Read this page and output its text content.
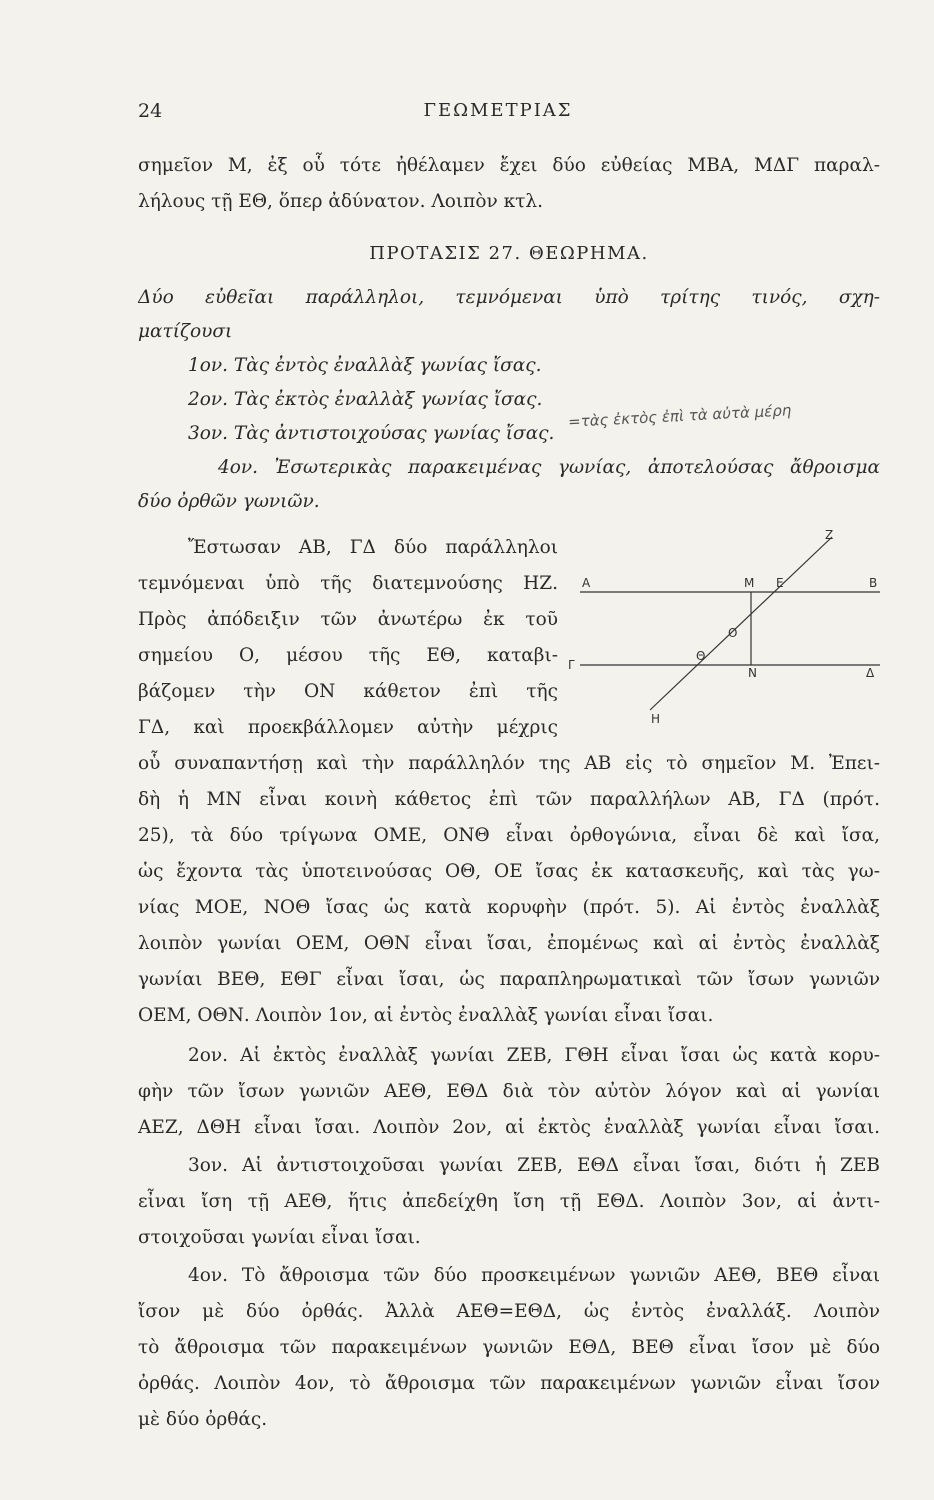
24	ΓΕΩΜΕΤΡΙΑΣ
σημεῖον Μ, ἐξ οὗ τότε ἠθέλαμεν ἔχει δύο εὐθείας ΜΒΑ, ΜΔΓ παραλ-
λήλους τῇ ΕΘ, ὅπερ ἀδύνατον. Λοιπὸν κτλ.
ΠΡΟΤΑΣΙΣ 27. ΘΕΩΡΗΜΑ.
Δύο εὐθεῖαι παράλληλοι, τεμνόμεναι ὑπὸ τρίτης τινός, σχη-
ματίζουσι
1ον. Τὰς ἐντὸς ἐναλλὰξ γωνίας ἴσας.
2ον. Τὰς ἐκτὸς ἐναλλὰξ γωνίας ἴσας.
3ον. Τὰς ἀντιστοιχούσας γωνίας ἴσας.
=τὰς ἐκτὸς ἐπὶ τὰ αὐτὰ μέρη
4ον. Ἐσωτερικὰς παρακειμένας γωνίας, ἀποτελούσας ἄθροισμα
δύο ὀρθῶν γωνιῶν.
Ἔστωσαν ΑΒ, ΓΔ δύο παράλληλοι
τεμνόμεναι ὑπὸ τῆς διατεμνούσης ΗΖ.
Πρὸς ἀπόδειξιν τῶν ἀνωτέρω ἐκ τοῦ
σημείου Ο, μέσου τῆς ΕΘ, καταβι-
βάζομεν τὴν ΟΝ κάθετον ἐπὶ τῆς
ΓΔ, καὶ προεκβάλλομεν αὐτὴν μέχρις
A	M E	B
Z
O
Γ
Θ
N	Δ
H
οὗ συναπαντήσῃ καὶ τὴν παράλληλόν της ΑΒ εἰς τὸ σημεῖον Μ. Ἐπει-
δὴ ἡ ΜΝ εἶναι κοινὴ κάθετος ἐπὶ τῶν παραλλήλων ΑΒ, ΓΔ (πρότ.
25), τὰ δύο τρίγωνα ΟΜΕ, ΟΝΘ εἶναι ὀρθογώνια, εἶναι δὲ καὶ ἴσα,
ὡς ἔχοντα τὰς ὑποτεινούσας ΟΘ, ΟΕ ἴσας ἐκ κατασκευῆς, καὶ τὰς γω-
νίας ΜΟΕ, ΝΟΘ ἴσας ὡς κατὰ κορυφὴν (πρότ. 5). Αἱ ἐντὸς ἐναλλὰξ
λοιπὸν γωνίαι ΟΕΜ, ΟΘΝ εἶναι ἴσαι, ἐπομένως καὶ αἱ ἐντὸς ἐναλλὰξ
γωνίαι ΒΕΘ, ΕΘΓ εἶναι ἴσαι, ὡς παραπληρωματικαὶ τῶν ἴσων γωνιῶν
ΟΕΜ, ΟΘΝ. Λοιπὸν 1ον, αἱ ἐντὸς ἐναλλὰξ γωνίαι εἶναι ἴσαι.
2ον. Αἱ ἐκτὸς ἐναλλὰξ γωνίαι ΖΕΒ, ΓΘΗ εἶναι ἴσαι ὡς κατὰ κορυ-
φὴν τῶν ἴσων γωνιῶν ΑΕΘ, ΕΘΔ διὰ τὸν αὐτὸν λόγον καὶ αἱ γωνίαι
ΑΕΖ, ΔΘΗ εἶναι ἴσαι. Λοιπὸν 2ον, αἱ ἐκτὸς ἐναλλὰξ γωνίαι εἶναι ἴσαι.
3ον. Αἱ ἀντιστοιχοῦσαι γωνίαι ΖΕΒ, ΕΘΔ εἶναι ἴσαι, διότι ἡ ΖΕΒ
εἶναι ἴση τῇ ΑΕΘ, ἥτις ἀπεδείχθη ἴση τῇ ΕΘΔ. Λοιπὸν 3ον, αἱ ἀντι-
στοιχοῦσαι γωνίαι εἶναι ἴσαι.
4ον. Τὸ ἄθροισμα τῶν δύο προσκειμένων γωνιῶν ΑΕΘ, ΒΕΘ εἶναι
ἴσον μὲ δύο ὀρθάς. Ἀλλὰ ΑΕΘ=ΕΘΔ, ὡς ἐντὸς ἐναλλάξ. Λοιπὸν
τὸ ἄθροισμα τῶν παρακειμένων γωνιῶν ΕΘΔ, ΒΕΘ εἶναι ἴσον μὲ δύο
ὀρθάς. Λοιπὸν 4ον, τὸ ἄθροισμα τῶν παρακειμένων γωνιῶν εἶναι ἴσον
μὲ δύο ὀρθάς.
